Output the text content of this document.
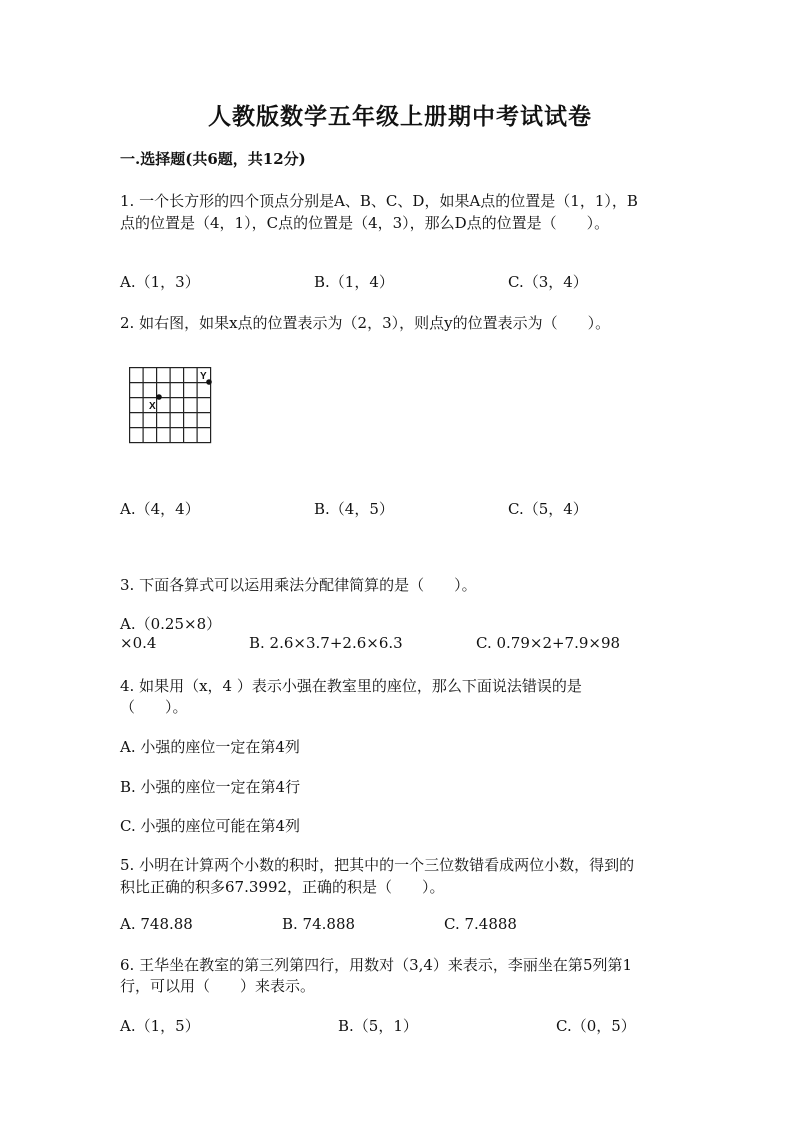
人教版数学五年级上册期中考试试卷
一.选择题(共6题，共12分)
1. 一个长方形的四个顶点分别是A、B、C、D，如果A点的位置是（1，1），B
点的位置是（4，1），C点的位置是（4，3），那么D点的位置是（　　）。
A.（1，3）	B.（1，4）	C.（3，4）
2. 如右图，如果x点的位置表示为（2，3），则点y的位置表示为（　　）。
X
Y
A.（4，4）	B.（4，5）	C.（5，4）
3. 下面各算式可以运用乘法分配律简算的是（　　）。
A.（0.25×8）
×0.4	B. 2.6×3.7+2.6×6.3	C. 0.79×2+7.9×98
4. 如果用（x，4 ）表示小强在教室里的座位，那么下面说法错误的是
（　　）。
A. 小强的座位一定在第4列
B. 小强的座位一定在第4行
C. 小强的座位可能在第4列
5. 小明在计算两个小数的积时，把其中的一个三位数错看成两位小数，得到的
积比正确的积多67.3992，正确的积是（　　）。
A. 748.88	B. 74.888	C. 7.4888
6. 王华坐在教室的第三列第四行，用数对（3,4）来表示，李丽坐在第5列第1
行，可以用（　　）来表示。
A.（1，5）	B.（5，1）	C.（0，5）
